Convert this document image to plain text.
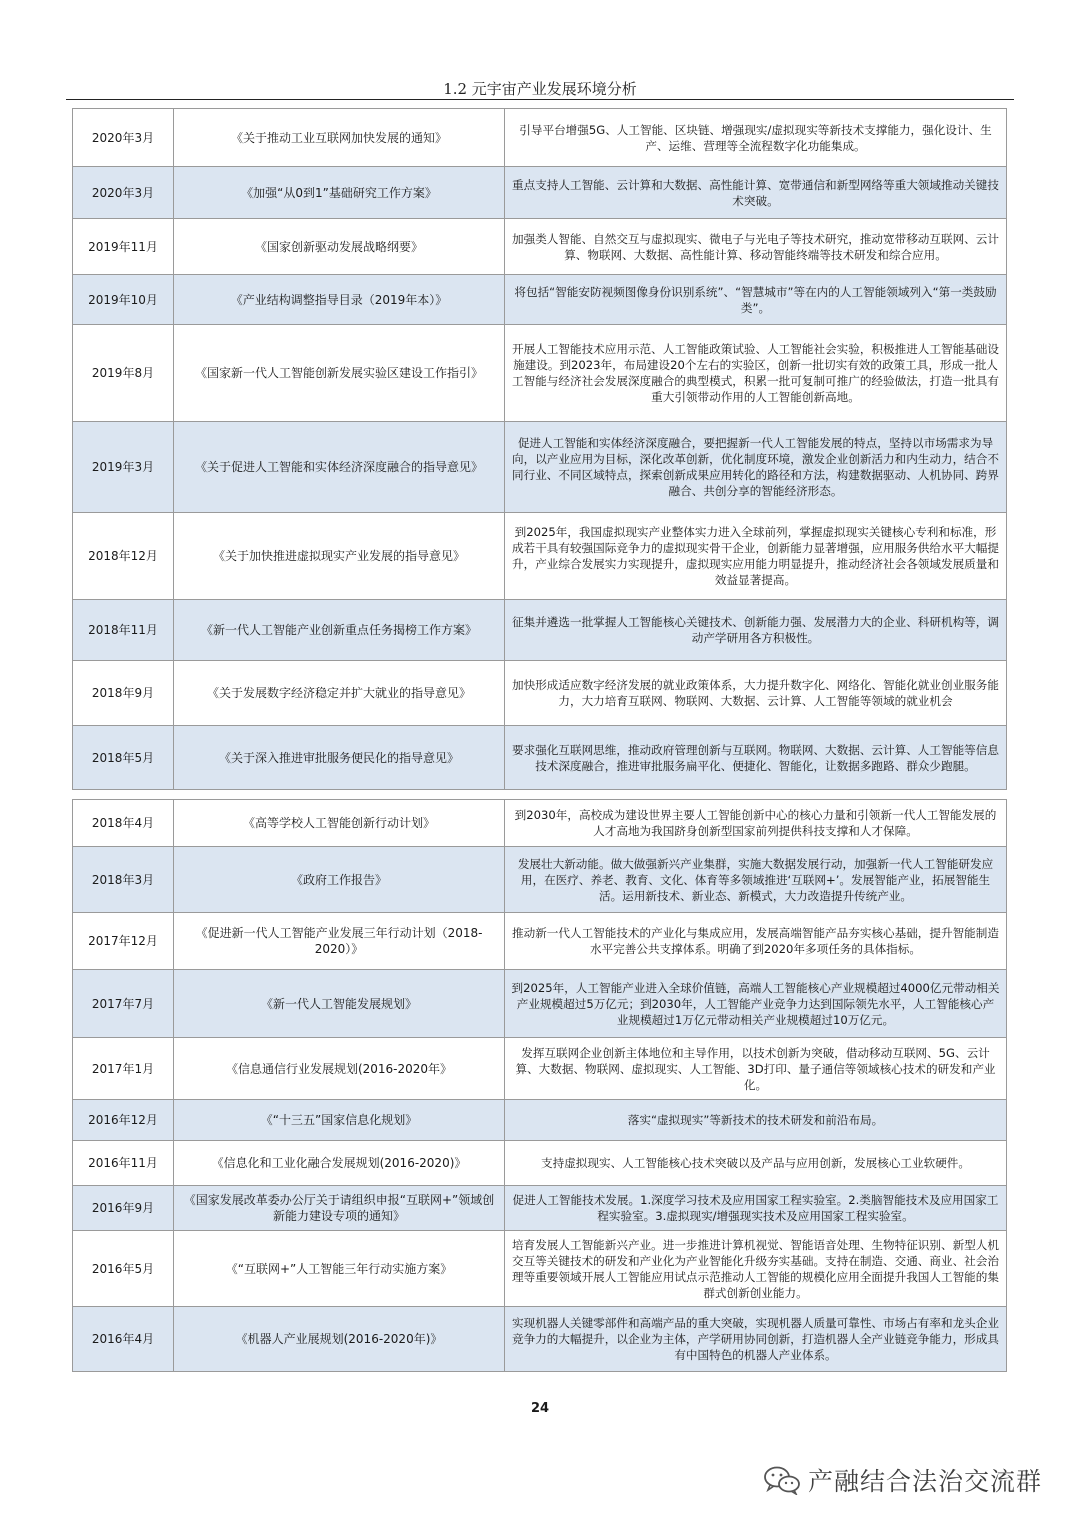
1.2 元宇宙产业发展环境分析
2020年3月	《关于推动工业互联网加快发展的通知》	引导平台增强5G、人工智能、区块链、增强现实/虚拟现实等新技术支撑能力，强化设计、生产、运维、营理等全流程数字化功能集成。
2020年3月	《加强“从0到1”基础研究工作方案》	重点支持人工智能、云计算和大数据、高性能计算、宽带通信和新型网络等重大领域推动关键技术突破。
2019年11月	《国家创新驱动发展战略纲要》	加强类人智能、自然交互与虚拟现实、微电子与光电子等技术研究，推动宽带移动互联网、云计算、物联网、大数据、高性能计算、移动智能终端等技术研发和综合应用。
2019年10月	《产业结构调整指导目录（2019年本）》	将包括“智能安防视频图像身份识别系统”、“智慧城市”等在内的人工智能领域列入“第一类鼓励类”。
2019年8月	《国家新一代人工智能创新发展实验区建设工作指引》	开展人工智能技术应用示范、人工智能政策试验、人工智能社会实验，积极推进人工智能基础设施建设。到2023年，布局建设20个左右的实验区，创新一批切实有效的政策工具，形成一批人工智能与经济社会发展深度融合的典型模式，积累一批可复制可推广的经验做法，打造一批具有重大引领带动作用的人工智能创新高地。
2019年3月	《关于促进人工智能和实体经济深度融合的指导意见》	促进人工智能和实体经济深度融合，要把握新一代人工智能发展的特点，坚持以市场需求为导向，以产业应用为目标，深化改革创新，优化制度环境，激发企业创新活力和内生动力，结合不同行业、不同区域特点，探索创新成果应用转化的路径和方法，构建数据驱动、人机协同、跨界融合、共创分享的智能经济形态。
2018年12月	《关于加快推进虚拟现实产业发展的指导意见》	到2025年，我国虚拟现实产业整体实力进入全球前列，掌握虚拟现实关键核心专利和标准，形成若干具有较强国际竞争力的虚拟现实骨干企业，创新能力显著增强，应用服务供给水平大幅提升，产业综合发展实力实现提升，虚拟现实应用能力明显提升，推动经济社会各领域发展质量和效益显著提高。
2018年11月	《新一代人工智能产业创新重点任务揭榜工作方案》	征集并遴选一批掌握人工智能核心关键技术、创新能力强、发展潜力大的企业、科研机构等，调动产学研用各方积极性。
2018年9月	《关于发展数字经济稳定并扩大就业的指导意见》	加快形成适应数字经济发展的就业政策体系，大力提升数字化、网络化、智能化就业创业服务能力，大力培育互联网、物联网、大数据、云计算、人工智能等领域的就业机会
2018年5月	《关于深入推进审批服务便民化的指导意见》	要求强化互联网思维，推动政府管理创新与互联网。物联网、大数据、云计算、人工智能等信息技术深度融合，推进审批服务扁平化、便捷化、智能化，让数据多跑路、群众少跑腿。
2018年4月	《高等学校人工智能创新行动计划》	到2030年，高校成为建设世界主要人工智能创新中心的核心力量和引领新一代人工智能发展的人才高地为我国跻身创新型国家前列提供科技支撑和人才保障。
2018年3月	《政府工作报告》	发展壮大新动能。做大做强新兴产业集群，实施大数据发展行动，加强新一代人工智能研发应用，在医疗、养老、教育、文化、体育等多领域推进‘互联网+’。发展智能产业，拓展智能生活。运用新技术、新业态、新模式，大力改造提升传统产业。
2017年12月	《促进新一代人工智能产业发展三年行动计划（2018-2020）》	推动新一代人工智能技术的产业化与集成应用，发展高端智能产品夯实核心基础，提升智能制造水平完善公共支撑体系。明确了到2020年多项任务的具体指标。
2017年7月	《新一代人工智能发展规划》	到2025年，人工智能产业进入全球价值链，高端人工智能核心产业规模超过4000亿元带动相关产业规模超过5万亿元；到2030年，人工智能产业竞争力达到国际领先水平，人工智能核心产业规模超过1万亿元带动相关产业规模超过10万亿元。
2017年1月	《信息通信行业发展规划(2016-2020年》	发挥互联网企业创新主体地位和主导作用，以技术创新为突破，借动移动互联网、5G、云计算、大数据、物联网、虚拟现实、人工智能、3D打印、量子通信等领域核心技术的研发和产业化。
2016年12月	《“十三五”国家信息化规划》	落实“虚拟现实”等新技术的技术研发和前沿布局。
2016年11月	《信息化和工业化融合发展规划(2016-2020)》	支持虚拟现实、人工智能核心技术突破以及产品与应用创新，发展核心工业软硬件。
2016年9月	《国家发展改革委办公厅关于请组织申报“互联网+”领域创新能力建设专项的通知》	促进人工智能技术发展。1.深度学习技术及应用国家工程实验室。2.类脑智能技术及应用国家工程实验室。3.虚拟现实/增强现实技术及应用国家工程实验室。
2016年5月	《“互联网+”人工智能三年行动实施方案》	培育发展人工智能新兴产业。进一步推进计算机视觉、智能语音处理、生物特征识别、新型人机交互等关键技术的研发和产业化为产业智能化升级夯实基础。支持在制造、交通、商业、社会治理等重要领域开展人工智能应用试点示范推动人工智能的规模化应用全面提升我国人工智能的集群式创新创业能力。
2016年4月	《机器人产业展规划(2016-2020年)》	实现机器人关键零部件和高端产品的重大突破，实现机器人质量可靠性、市场占有率和龙头企业竞争力的大幅提升，以企业为主体，产学研用协同创新，打造机器人全产业链竞争能力，形成具有中国特色的机器人产业体系。
24
产融结合法治交流群
